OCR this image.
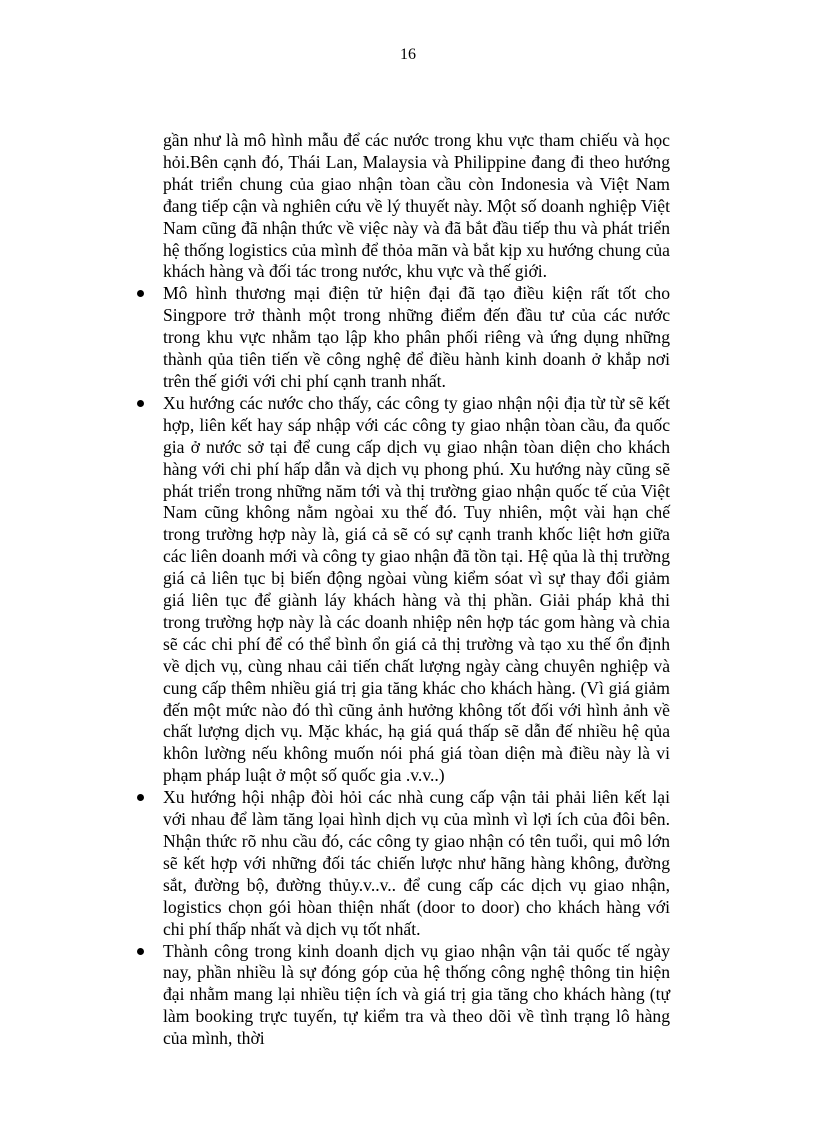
16

gần như là mô hình mẫu để các nước trong khu vực tham chiếu và học hỏi.Bên cạnh đó, Thái Lan, Malaysia và Philippine đang đi theo hướng phát triển chung của giao nhận tòan cầu còn Indonesia và Việt Nam đang tiếp cận và nghiên cứu về lý thuyết này. Một số doanh nghiệp Việt Nam cũng đã nhận thức về việc này và đã bắt đầu tiếp thu và phát triển hệ thống logistics của mình để thỏa mãn và bắt kịp xu hướng chung của khách hàng và đối tác trong nước, khu vực và thế giới.

Mô hình thương mại điện tử hiện đại đã tạo điều kiện rất tốt cho Singpore trở thành một trong những điểm đến đầu tư của các nước trong khu vực nhằm tạo lập kho phân phối riêng và ứng dụng những thành qủa tiên tiến về công nghệ để điều hành kinh doanh ở khắp nơi trên thế giới với chi phí cạnh tranh nhất.
Xu hướng các nước cho thấy, các công ty giao nhận nội địa từ từ sẽ kết hợp, liên kết hay sáp nhập với các công ty giao nhận tòan cầu, đa quốc gia ở nước sở tại để cung cấp dịch vụ giao nhận tòan diện cho khách hàng với chi phí hấp dẫn và dịch vụ phong phú. Xu hướng này cũng sẽ phát triển trong những năm tới và thị trường giao nhận quốc tế của Việt Nam cũng không nằm ngòai xu thế đó. Tuy nhiên, một vài hạn chế trong trường hợp này là, giá cả sẽ có sự cạnh tranh khốc liệt hơn giữa các liên doanh mới và công ty giao nhận đã tồn tại. Hệ qủa là thị trường giá cả liên tục bị biến động ngòai vùng kiểm sóat vì sự thay đổi giảm giá liên tục để giành láy khách hàng và thị phần. Giải pháp khả thi trong trường hợp này là các doanh nhiệp nên hợp tác gom hàng và chia sẽ các chi phí để có thể bình ổn giá cả thị trường và tạo xu thế ổn định về dịch vụ, cùng nhau cải tiến chất lượng ngày càng chuyên nghiệp và cung cấp thêm nhiều giá trị gia tăng khác cho khách hàng. (Vì giá giảm đến một mức nào đó thì cũng ảnh hưởng không tốt đối với hình ảnh về chất lượng dịch vụ. Mặc khác, hạ giá quá thấp sẽ dẫn đế nhiều hệ qủa khôn lường nếu không muốn nói phá giá tòan diện mà điều này là vi phạm pháp luật ở một số quốc gia .v.v..)
Xu hướng hội nhập đòi hỏi các nhà cung cấp vận tải phải liên kết lại với nhau để làm tăng lọai hình dịch vụ của mình vì lợi ích của đôi bên. Nhận thức rõ nhu cầu đó, các công ty giao nhận có tên tuổi, qui mô lớn sẽ kết hợp với những đối tác chiến lược như hãng hàng không, đường sắt, đường bộ, đường thủy.v..v.. để cung cấp các dịch vụ giao nhận, logistics chọn gói hòan thiện nhất (door to door) cho khách hàng với chi phí thấp nhất và dịch vụ tốt nhất.
Thành công trong kinh doanh dịch vụ giao nhận vận tải quốc tế ngày nay, phần nhiều là sự đóng góp của hệ thống công nghệ thông tin hiện đại nhằm mang lại nhiều tiện ích và giá trị gia tăng cho khách hàng (tự làm booking trực tuyến, tự kiểm tra và theo dõi về tình trạng lô hàng của mình, thời
